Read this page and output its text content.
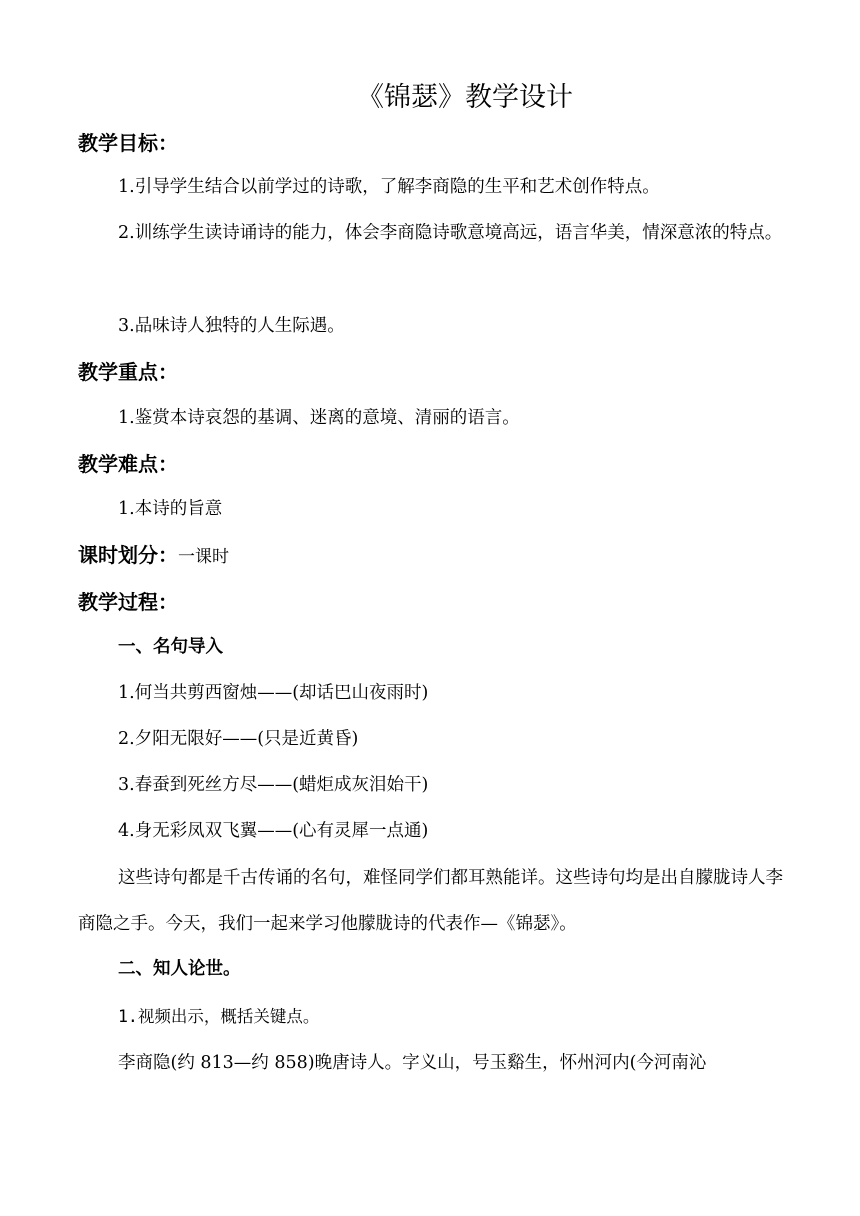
《锦瑟》教学设计
教学目标：
1.引导学生结合以前学过的诗歌，了解李商隐的生平和艺术创作特点。
2.训练学生读诗诵诗的能力，体会李商隐诗歌意境高远，语言华美，情深意浓的特点。
3.品味诗人独特的人生际遇。
教学重点：
1.鉴赏本诗哀怨的基调、迷离的意境、清丽的语言。
教学难点：
1.本诗的旨意
课时划分：一课时
教学过程：
一、名句导入
1.何当共剪西窗烛——(却话巴山夜雨时)
2.夕阳无限好——(只是近黄昏)
3.春蚕到死丝方尽——(蜡炬成灰泪始干)
4.身无彩凤双飞翼——(心有灵犀一点通)
这些诗句都是千古传诵的名句，难怪同学们都耳熟能详。这些诗句均是出自朦胧诗人李商隐之手。今天，我们一起来学习他朦胧诗的代表作—《锦瑟》。
二、知人论世。
1.视频出示，概括关键点。
李商隐(约 813—约 858)晚唐诗人。字义山，号玉谿生，怀州河内(今河南沁
